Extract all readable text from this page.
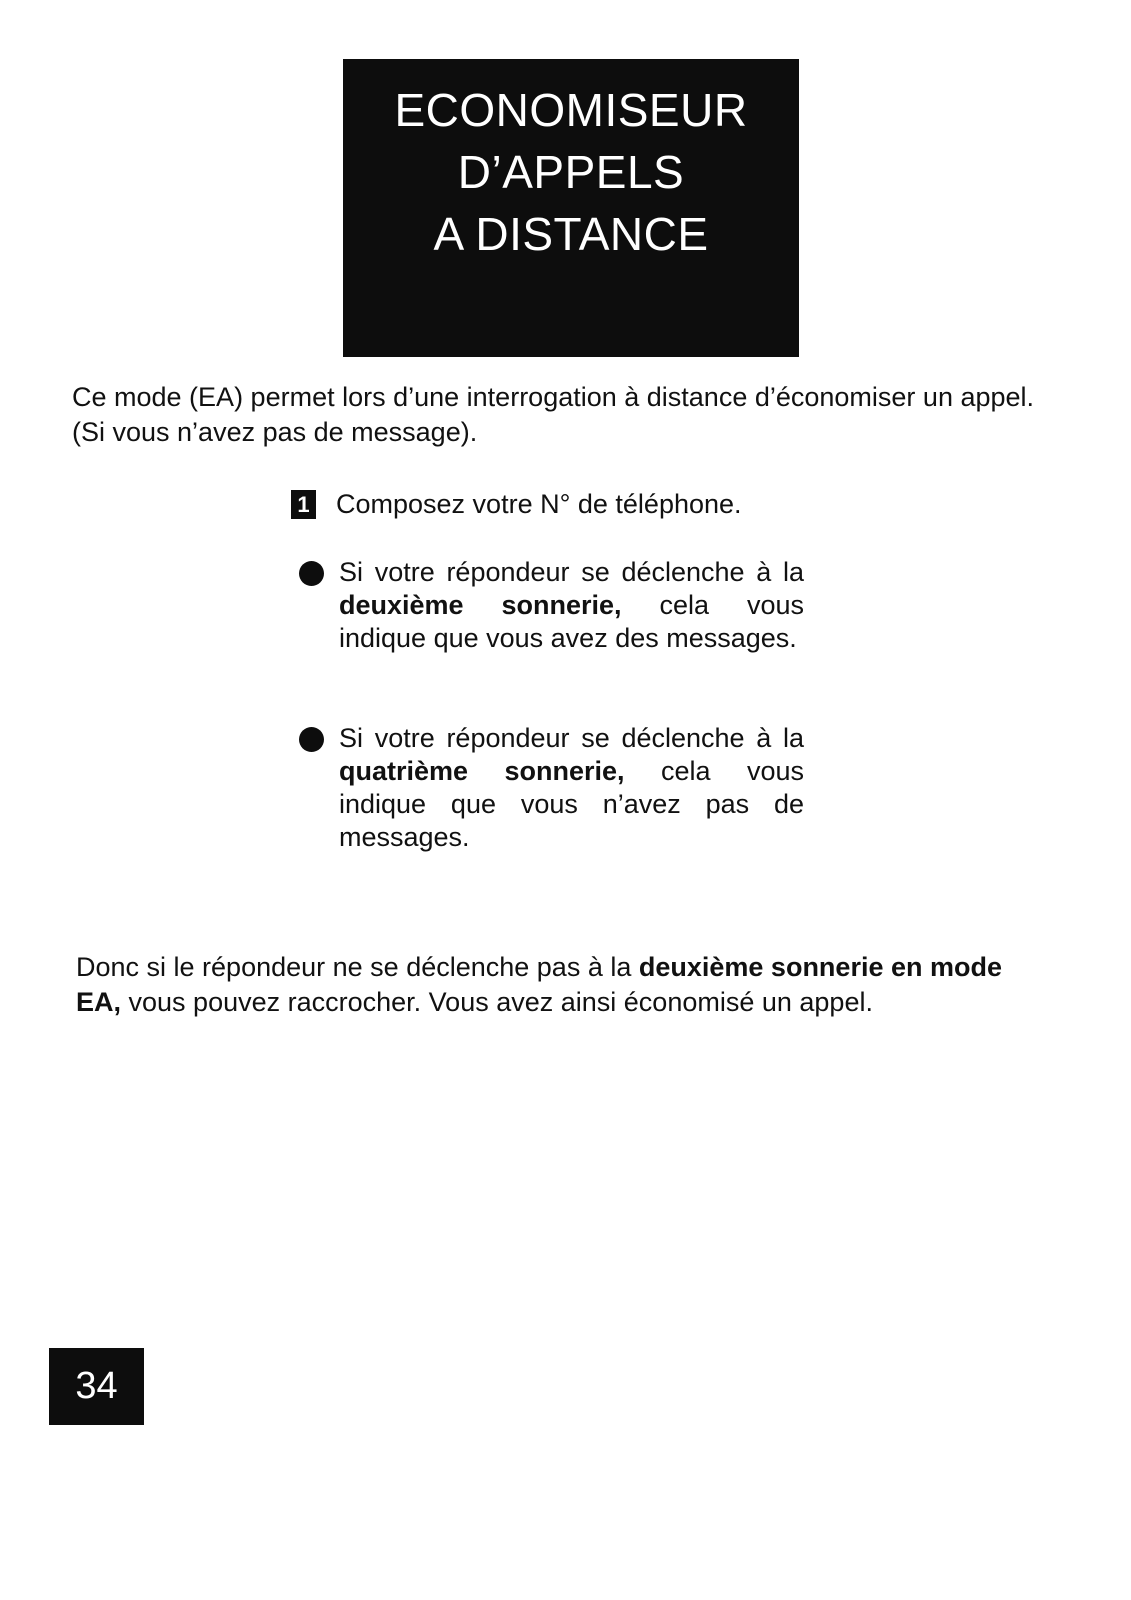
ECONOMISEUR
D’APPELS
A DISTANCE

Ce mode (EA) permet lors d’une interrogation à distance d’économiser un appel. (Si vous n’avez pas de message).

1 Composez votre N° de téléphone.
Si votre répondeur se déclenche à la deuxième sonnerie, cela vous indique que vous avez des messages.
Si votre répondeur se déclenche à la quatrième sonnerie, cela vous indique que vous n’avez pas de messages.

Donc si le répondeur ne se déclenche pas à la deuxième sonnerie en mode EA, vous pouvez raccrocher. Vous avez ainsi économisé un appel.

34
